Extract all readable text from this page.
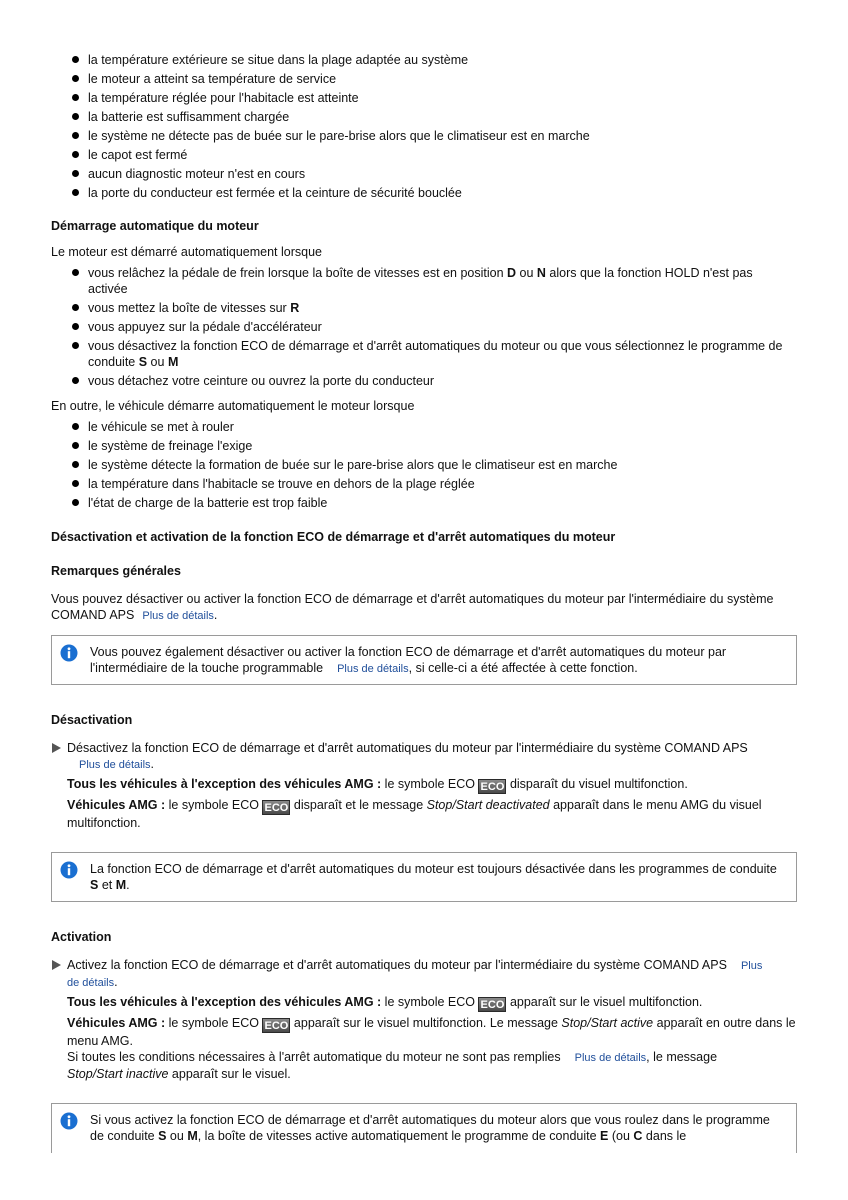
la température extérieure se situe dans la plage adaptée au système
le moteur a atteint sa température de service
la température réglée pour l'habitacle est atteinte
la batterie est suffisamment chargée
le système ne détecte pas de buée sur le pare-brise alors que le climatiseur est en marche
le capot est fermé
aucun diagnostic moteur n'est en cours
la porte du conducteur est fermée et la ceinture de sécurité bouclée
Démarrage automatique du moteur
Le moteur est démarré automatiquement lorsque
vous relâchez la pédale de frein lorsque la boîte de vitesses est en position D ou N alors que la fonction HOLD n'est pas activée
vous mettez la boîte de vitesses sur R
vous appuyez sur la pédale d'accélérateur
vous désactivez la fonction ECO de démarrage et d'arrêt automatiques du moteur ou que vous sélectionnez le programme de conduite S ou M
vous détachez votre ceinture ou ouvrez la porte du conducteur
En outre, le véhicule démarre automatiquement le moteur lorsque
le véhicule se met à rouler
le système de freinage l'exige
le système détecte la formation de buée sur le pare-brise alors que le climatiseur est en marche
la température dans l'habitacle se trouve en dehors de la plage réglée
l'état de charge de la batterie est trop faible
Désactivation et activation de la fonction ECO de démarrage et d'arrêt automatiques du moteur
Remarques générales
Vous pouvez désactiver ou activer la fonction ECO de démarrage et d'arrêt automatiques du moteur par l'intermédiaire du système COMAND APS Plus de détails.
Vous pouvez également désactiver ou activer la fonction ECO de démarrage et d'arrêt automatiques du moteur par l'intermédiaire de la touche programmable Plus de détails, si celle-ci a été affectée à cette fonction.
Désactivation
Désactivez la fonction ECO de démarrage et d'arrêt automatiques du moteur par l'intermédiaire du système COMAND APS
Plus de détails.
Tous les véhicules à l'exception des véhicules AMG : le symbole ECO ECO disparaît du visuel multifonction.
Véhicules AMG : le symbole ECO ECO disparaît et le message Stop/Start deactivated apparaît dans le menu AMG du visuel multifonction.
La fonction ECO de démarrage et d'arrêt automatiques du moteur est toujours désactivée dans les programmes de conduite S et M.
Activation
Activez la fonction ECO de démarrage et d'arrêt automatiques du moteur par l'intermédiaire du système COMAND APS Plus
de détails.
Tous les véhicules à l'exception des véhicules AMG : le symbole ECO ECO apparaît sur le visuel multifonction.
Véhicules AMG : le symbole ECO ECO apparaît sur le visuel multifonction. Le message Stop/Start active apparaît en outre dans le menu AMG.
Si toutes les conditions nécessaires à l'arrêt automatique du moteur ne sont pas remplies Plus de détails, le message
Stop/Start inactive apparaît sur le visuel.
Si vous activez la fonction ECO de démarrage et d'arrêt automatiques du moteur alors que vous roulez dans le programme de conduite S ou M, la boîte de vitesses active automatiquement le programme de conduite E (ou C dans le
